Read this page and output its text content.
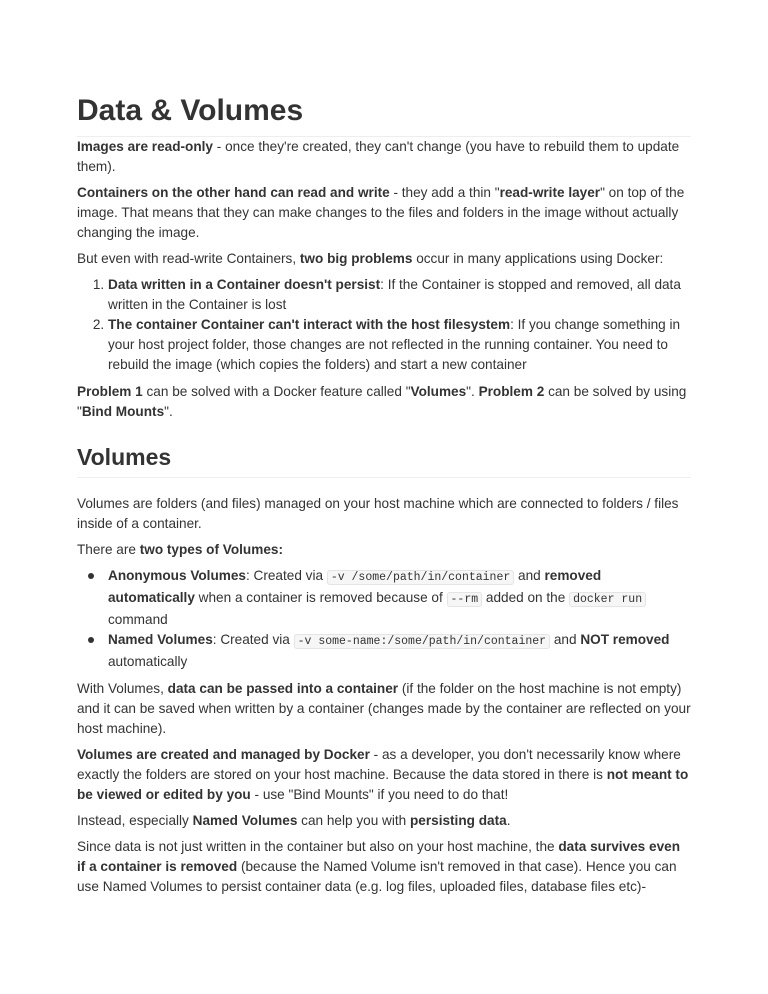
Data & Volumes

Images are read-only - once they're created, they can't change (you have to rebuild them to update them).

Containers on the other hand can read and write - they add a thin "read-write layer" on top of the image. That means that they can make changes to the files and folders in the image without actually changing the image.

But even with read-write Containers, two big problems occur in many applications using Docker:

1. Data written in a Container doesn't persist: If the Container is stopped and removed, all data written in the Container is lost
2. The container Container can't interact with the host filesystem: If you change something in your host project folder, those changes are not reflected in the running container. You need to rebuild the image (which copies the folders) and start a new container

Problem 1 can be solved with a Docker feature called "Volumes". Problem 2 can be solved by using "Bind Mounts".

Volumes

Volumes are folders (and files) managed on your host machine which are connected to folders / files inside of a container.

There are two types of Volumes:

Anonymous Volumes: Created via -v /some/path/in/container and removed automatically when a container is removed because of --rm added on the docker run command
Named Volumes: Created via -v some-name:/some/path/in/container and NOT removed automatically

With Volumes, data can be passed into a container (if the folder on the host machine is not empty) and it can be saved when written by a container (changes made by the container are reflected on your host machine).

Volumes are created and managed by Docker - as a developer, you don't necessarily know where exactly the folders are stored on your host machine. Because the data stored in there is not meant to be viewed or edited by you - use "Bind Mounts" if you need to do that!

Instead, especially Named Volumes can help you with persisting data.

Since data is not just written in the container but also on your host machine, the data survives even if a container is removed (because the Named Volume isn't removed in that case). Hence you can use Named Volumes to persist container data (e.g. log files, uploaded files, database files etc)-
